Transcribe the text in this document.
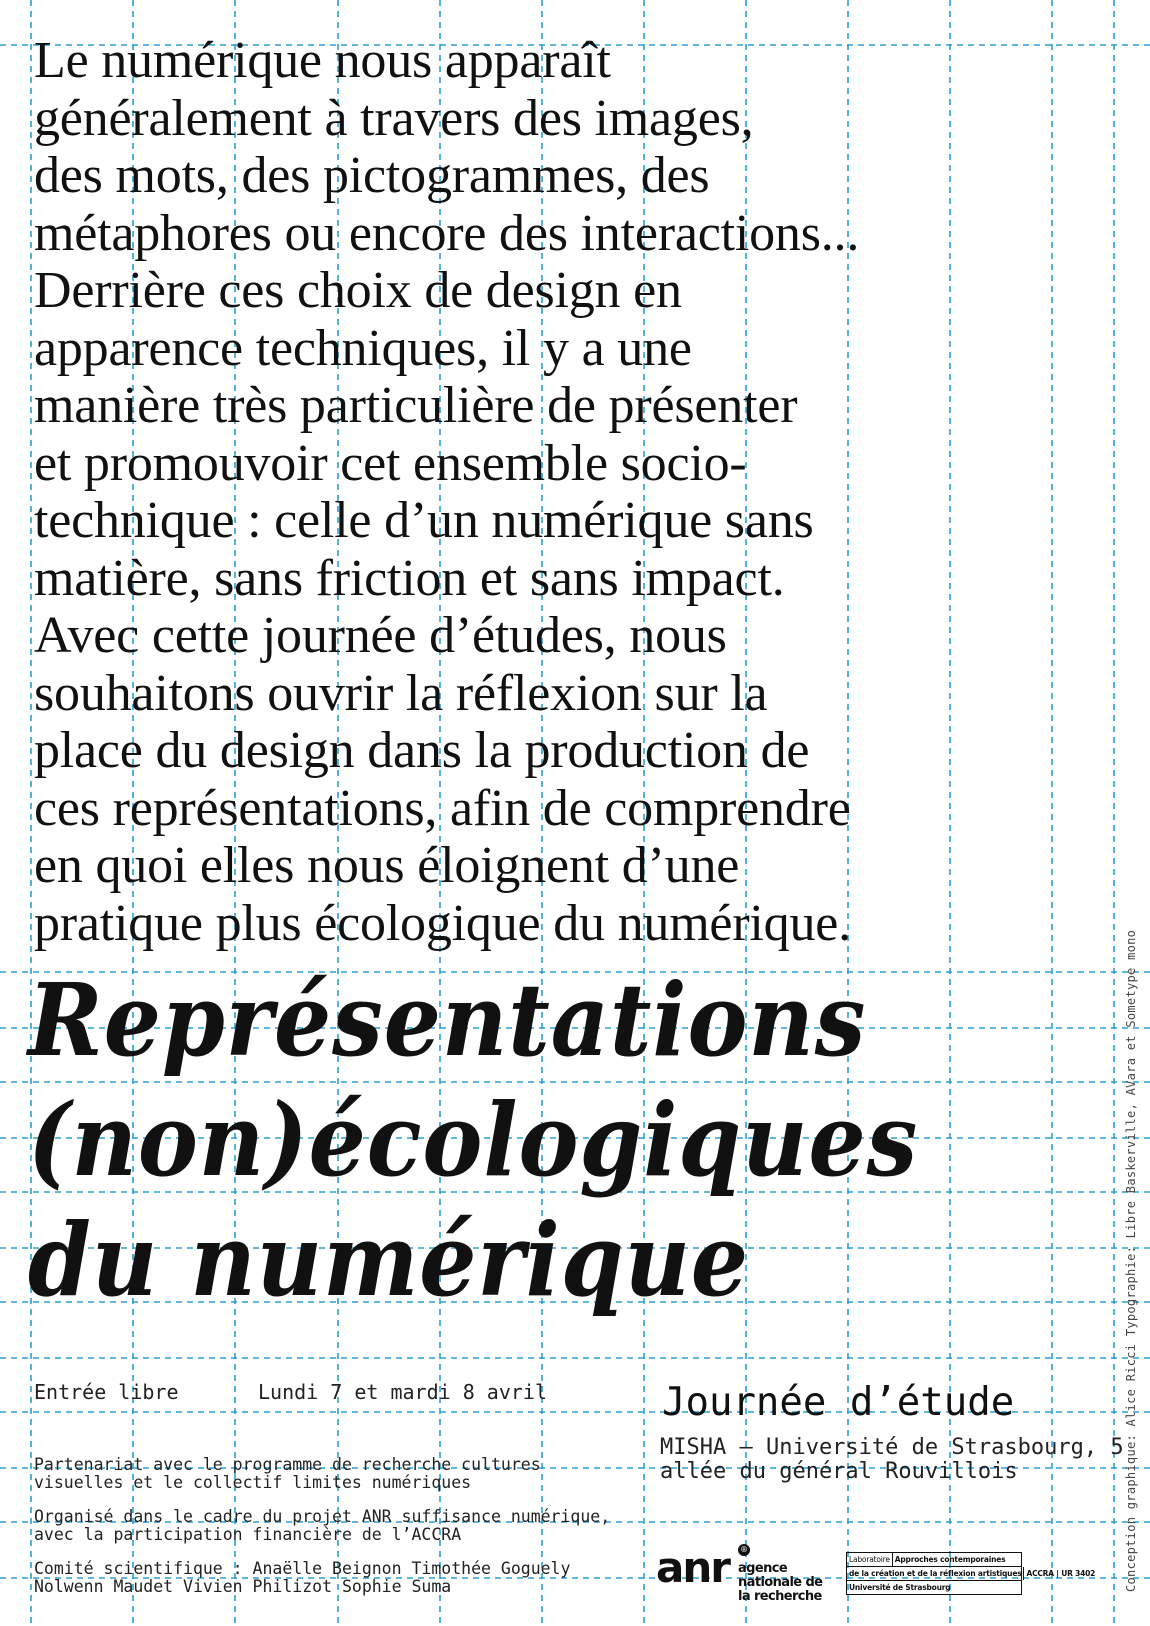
Le numérique nous apparaît
généralement à travers des images,
des mots, des pictogrammes, des
métaphores ou encore des interactions...
Derrière ces choix de design en
apparence techniques, il y a une
manière très particulière de présenter
et promouvoir cet ensemble socio-
technique : celle d’un numérique sans
matière, sans friction et sans impact.
Avec cette journée d’études, nous
souhaitons ouvrir la réflexion sur la
place du design dans la production de
ces représentations, afin de comprendre
en quoi elles nous éloignent d’une
pratique plus écologique du numérique.

Représentations
(non)écologiques
du numérique
Entrée libre	Lundi 7 et mardi 8 avril	Journée d’étude
MISHA – Université de Strasbourg, 5 allée du général Rouvillois
Partenariat avec le programme de recherche cultures visuelles et le collectif limites numériques
Organisé dans le cadre du projet ANR suffisance numérique, avec la participation financière de l’ACCRA
Comité scientifique : Anaëlle Beignon Timothée Goguely Nolwenn Maudet Vivien Philizot Sophie Suma	Conception graphique: Alice Ricci Typographie: Libre Baskerville, AVara et Sometype mono
anr ®
agence nationale de la recherche
Laboratoire Approches contemporaines
de la création et de la réflexion artistiques ACCRA | UR 3402
Université de Strasbourg
